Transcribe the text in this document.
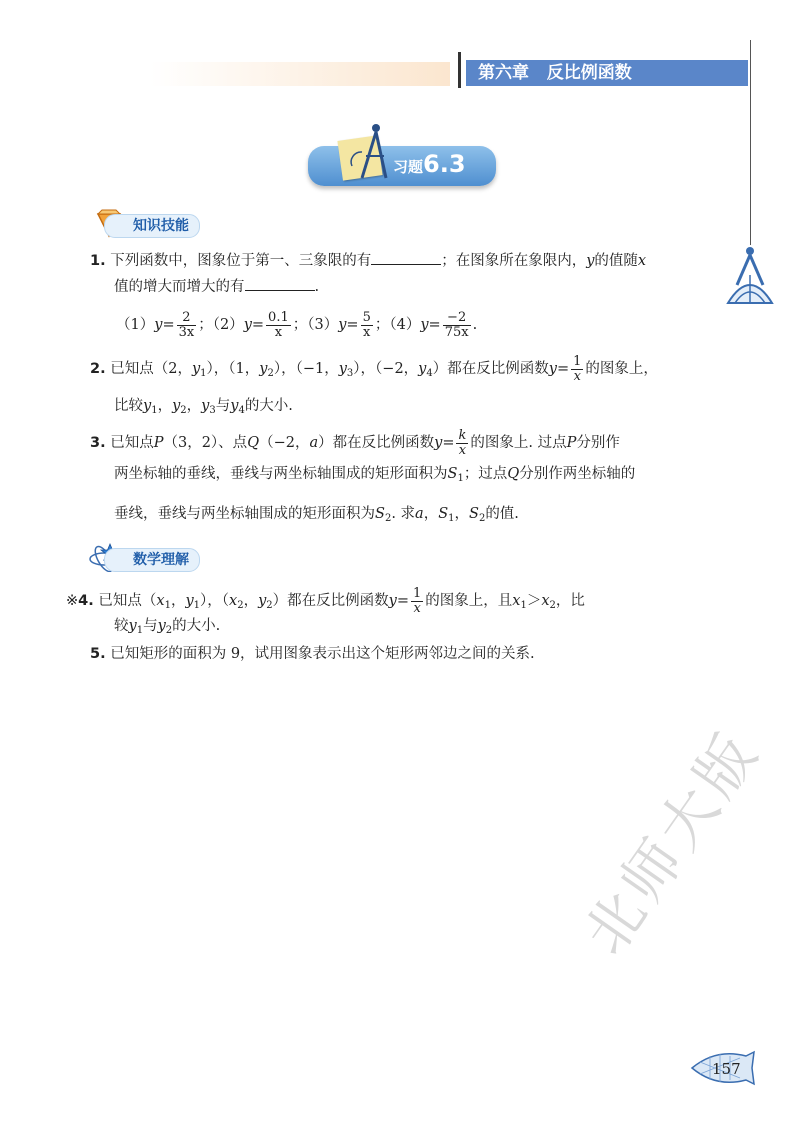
第六章 反比例函数
习题6.3
知识技能
1. 下列函数中，图象位于第一、三象限的有	；在图象所在象限内，y的值随x
值的增大而增大的有	.
$(1)y= \frac{2}{3x}$ ；$(2)y= \frac{0.1}{x}$ ；$(3)y= \frac{5}{x}$ ；$(4)y= \frac{-2}{75x}$ .
2. 已知点（2，$y_1$），（1，$y_2$），（−1，$y_3$），（−2，$y_4$）都在反比例函数$y= \frac{1}{x}$ 的图象上，
比较$y_1$，$y_2$，$y_3$与$y_4$的大小.
3. 已知点P（3，2）、点Q（−2，a）都在反比例函数$y= \frac{k}{x}$ 的图象上. 过点P分别作
两坐标轴的垂线，垂线与两坐标轴围成的矩形面积为$S_1$；过点Q分别作两坐标轴的
垂线，垂线与两坐标轴围成的矩形面积为$S_2$. 求a，$S_1$，$S_2$的值.
数学理解
※4. 已知点（$x_1$，$y_1$），（$x_2$，$y_2$）都在反比例函数$y= \frac{1}{x}$ 的图象上，且$x_1>x_2$，比
较$y_1$与$y_2$的大小.
5. 已知矩形的面积为 9，试用图象表示出这个矩形两邻边之间的关系.
北师大版
157
